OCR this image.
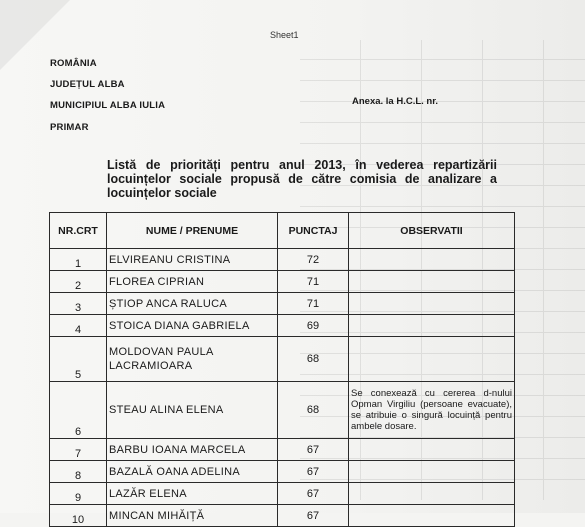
Sheet1
ROMÂNIA
JUDEȚUL ALBA
MUNICIPIUL ALBA IULIA
PRIMAR
Anexa. la H.C.L. nr.
Listă de priorități pentru anul 2013, în vederea repartizării locuințelor sociale propusă de către comisia de analizare a locuințelor sociale
NR.CRT	NUME / PRENUME	PUNCTAJ	OBSERVATII
1	ELVIREANU CRISTINA	72	
2	FLOREA CIPRIAN	71	
3	ȘTIOP ANCA RALUCA	71	
4	STOICA DIANA GABRIELA	69	
5	MOLDOVAN PAULA LACRAMIOARA	68	
6	STEAU ALINA ELENA	68	Se conexează cu cererea d-nului Opman Virgiliu (persoane evacuate), se atribuie o singură locuință pentru ambele dosare.
7	BARBU IOANA MARCELA	67	
8	BAZALĂ OANA ADELINA	67	
9	LAZĂR ELENA	67	
10	MINCAN MIHĂIȚĂ	67	
